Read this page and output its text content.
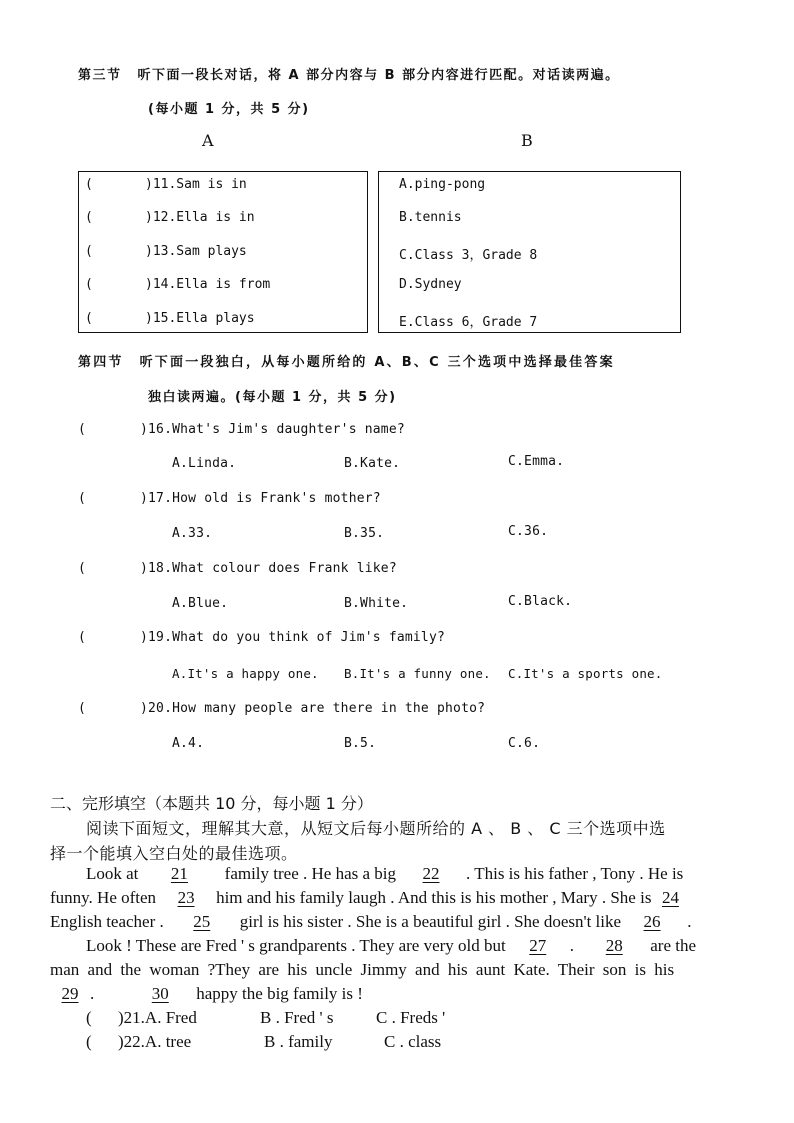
第三节 听下面一段长对话，将 A 部分内容与 B 部分内容进行匹配。对话读两遍。
(每小题 1 分，共 5 分)
A	B
(	)11.Sam is in
(	)12.Ella is in
(	)13.Sam plays
(	)14.Ella is from
(	)15.Ella plays
A.ping-pong
B.tennis
C.Class 3，Grade 8
D.Sydney
E.Class 6，Grade 7
第四节 听下面一段独白，从每小题所给的 A、B、C 三个选项中选择最佳答案
独白读两遍。(每小题 1 分，共 5 分)
(	)16.What's Jim's daughter's name?
A.Linda.	B.Kate.	C.Emma.
(	)17.How old is Frank's mother?
A.33.	B.35.	C.36.
(	)18.What colour does Frank like?
A.Blue.	B.White.	C.Black.
(	)19.What do you think of Jim's family?
A.It's a happy one. B.It's a funny one. C.It's a sports one.
(	)20.How many people are there in the photo?
A.4.	B.5.	C.6.
二、完形填空（本题共 10 分，每小题 1 分）
阅读下面短文，理解其大意，从短文后每小题所给的 A 、 B 、 C 三个选项中选
择一个能填入空白处的最佳选项。
Look at 21 family tree . He has a big 22 . This is his father , Tony . He is
funny. He often 23 him and his family laugh . And this is his mother , Mary . She is 24
English teacher . 25 girl is his sister . She is a beautiful girl . She doesn't like 26 .
Look ! These are Fred ' s grandparents . They are very old but 27 . 28 are the
man and the woman ?They are his uncle Jimmy and his aunt Kate. Their son is his
29 .	30 happy the big family is !
( )21.A. Fred	B . Fred ' s	C . Freds '
( )22.A. tree	B . family	C . class
